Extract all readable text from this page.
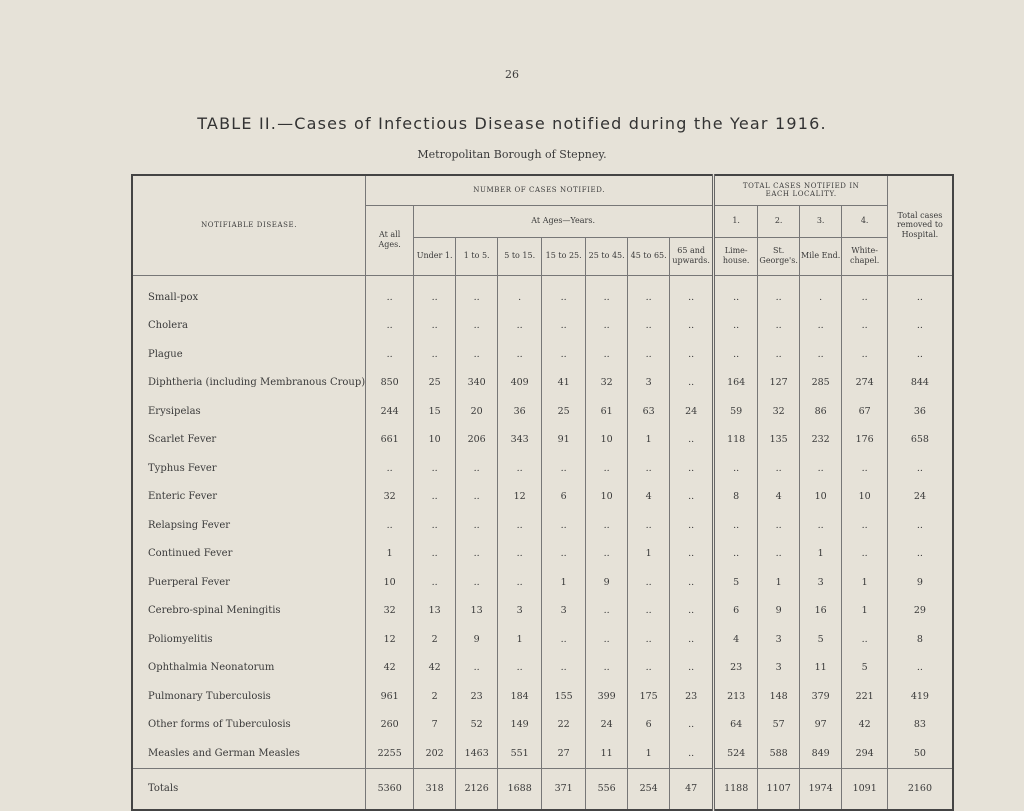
26
TABLE II.—Cases of Infectious Disease notified during the Year 1916.
Metropolitan Borough of Stepney.
NOTIFIABLE DISEASE.	NUMBER OF CASES NOTIFIED.								TOTAL CASES NOTIFIED IN EACH LOCALITY.				Total cases removed to Hospital.
	At all Ages.	At Ages—Years.							1.	2.	3.	4.	
		Under 1.	1 to 5.	5 to 15.	15 to 25.	25 to 45.	45 to 65.	65 and upwards.	Lime-house.	St. George's.	Mile End.	White-chapel.	

Small-pox	..	..	..	.	..	..	..	..	..	..	.	..	..
Cholera	..	..	..	..	..	..	..	..	..	..	..	..	..
Plague	..	..	..	..	..	..	..	..	..	..	..	..	..
Diphtheria (including Membranous Croup)	850	25	340	409	41	32	3	..	164	127	285	274	844
Erysipelas	244	15	20	36	25	61	63	24	59	32	86	67	36
Scarlet Fever	661	10	206	343	91	10	1	..	118	135	232	176	658
Typhus Fever	..	..	..	..	..	..	..	..	..	..	..	..	..
Enteric Fever	32	..	..	12	6	10	4	..	8	4	10	10	24
Relapsing Fever	..	..	..	..	..	..	..	..	..	..	..	..	..
Continued Fever	1	..	..	..	..	..	1	..	..	..	1	..	..
Puerperal Fever	10	..	..	..	1	9	..	..	5	1	3	1	9
Cerebro-spinal Meningitis	32	13	13	3	3	..	..	..	6	9	16	1	29
Poliomyelitis	12	2	9	1	..	..	..	..	4	3	5	..	8
Ophthalmia Neonatorum	42	42	..	..	..	..	..	..	23	3	11	5	..
Pulmonary Tuberculosis	961	2	23	184	155	399	175	23	213	148	379	221	419
Other forms of Tuberculosis	260	7	52	149	22	24	6	..	64	57	97	42	83
Measles and German Measles	2255	202	1463	551	27	11	1	..	524	588	849	294	50
Totals	5360	318	2126	1688	371	556	254	47	1188	1107	1974	1091	2160
